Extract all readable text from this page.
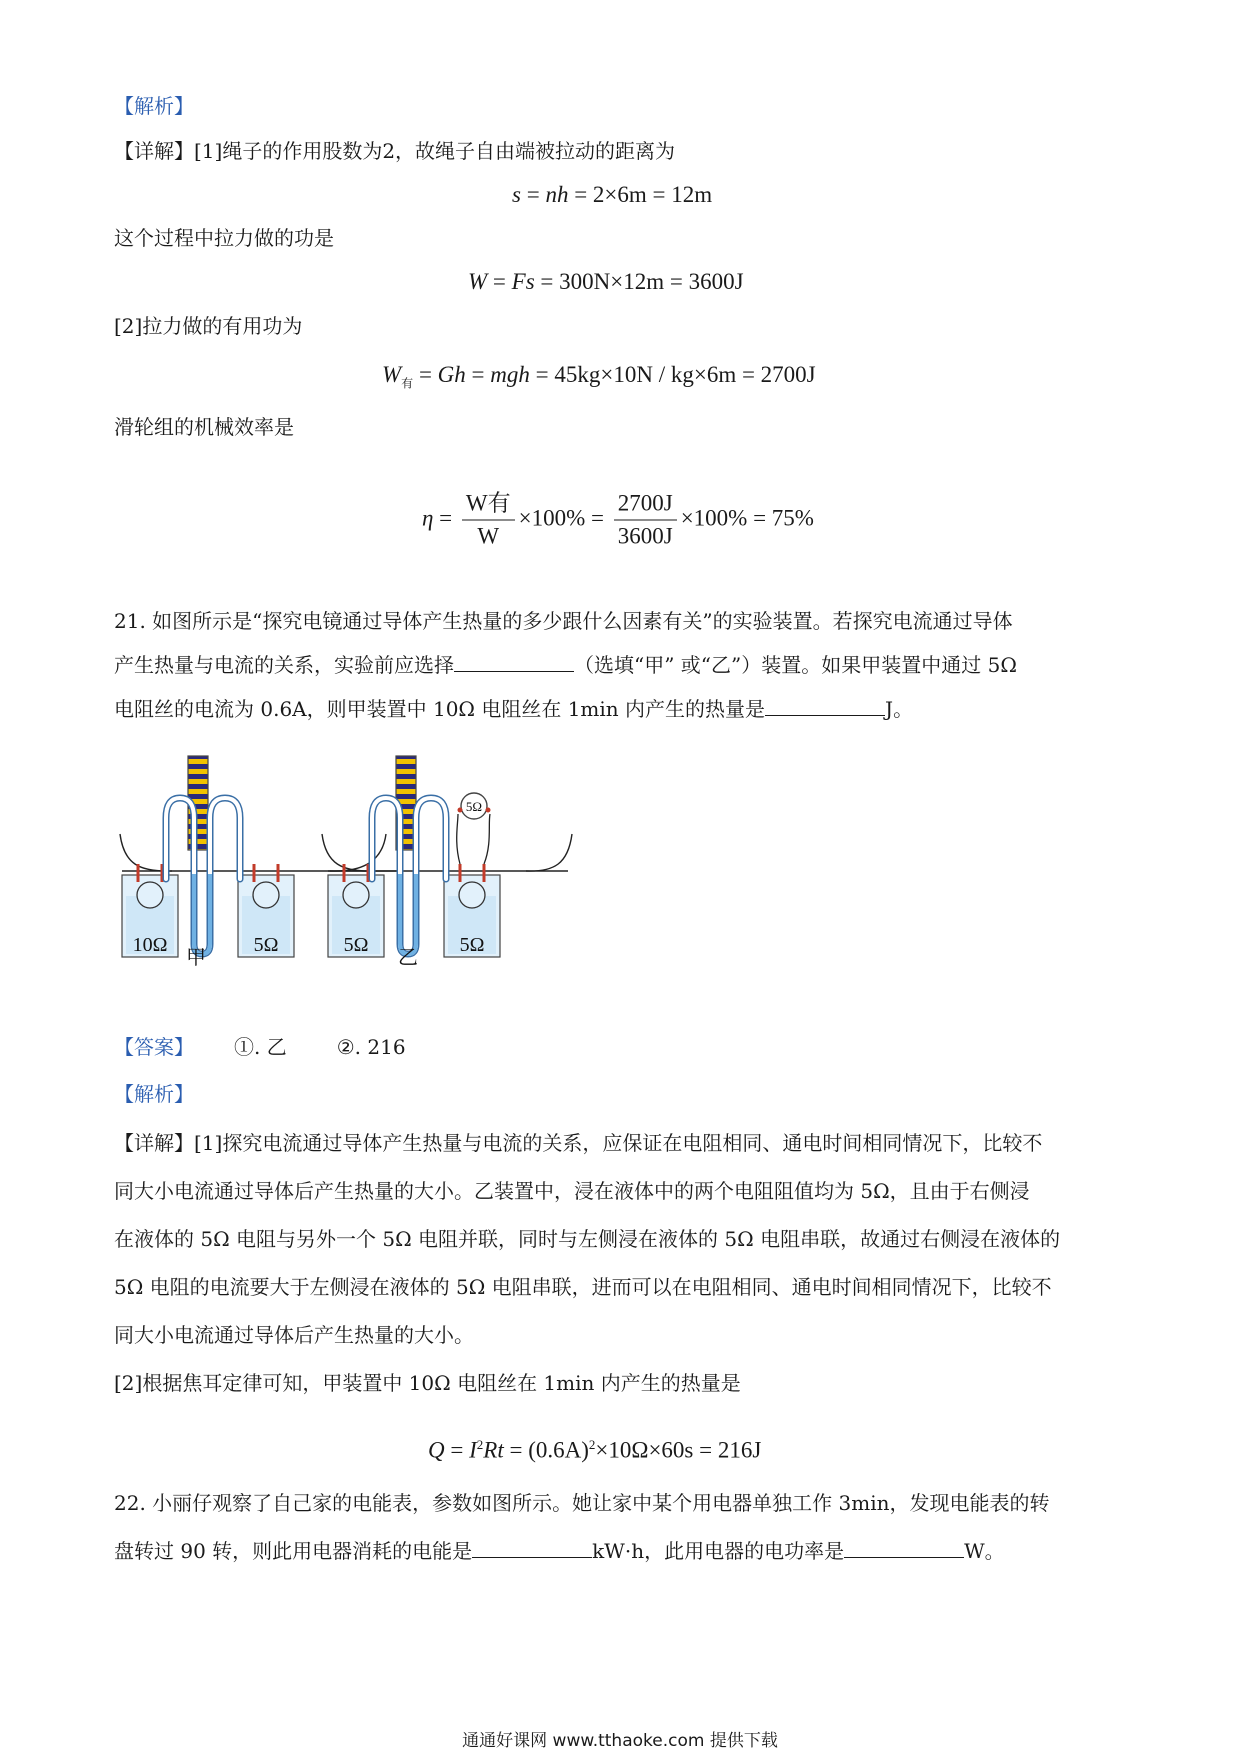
【解析】
【详解】[1]绳子的作用股数为2，故绳子自由端被拉动的距离为
s = nh = 2×6m = 12m
这个过程中拉力做的功是
W = Fs = 300N×12m = 3600J
[2]拉力做的有用功为
$W_有 = Gh$ = mgh = 45kg×10N / kg×6m = 2700J
滑轮组的机械效率是
$\eta = \frac{\text{W有}}{W} \times 100\% = \frac{2700J}{3600J} \times 100\% = 75\%$
21. 如图所示是“探究电镜通过导体产生热量的多少跟什么因素有关”的实验装置。若探究电流通过导体
产生热量与电流的关系，实验前应选择	（选填“甲” 或“乙”）装置。如果甲装置中通过 5Ω
电阻丝的电流为 0.6A，则甲装置中 10Ω 电阻丝在 1min 内产生的热量是	J。
10Ω	5Ω
甲
5Ω	5Ω
5Ω
乙
【答案】 ①. 乙	②. 216
【解析】
【详解】[1]探究电流通过导体产生热量与电流的关系，应保证在电阻相同、通电时间相同情况下，比较不
同大小电流通过导体后产生热量的大小。乙装置中，浸在液体中的两个电阻阻值均为 5Ω，且由于右侧浸
在液体的 5Ω 电阻与另外一个 5Ω 电阻并联，同时与左侧浸在液体的 5Ω 电阻串联，故通过右侧浸在液体的
5Ω 电阻的电流要大于左侧浸在液体的 5Ω 电阻串联，进而可以在电阻相同、通电时间相同情况下，比较不
同大小电流通过导体后产生热量的大小。
[2]根据焦耳定律可知，甲装置中 10Ω 电阻丝在 1min 内产生的热量是
$Q = I^2Rt = (0.6A)^2\times 10\Omega\times 60s = 216J$
22. 小丽仔观察了自己家的电能表，参数如图所示。她让家中某个用电器单独工作 3min，发现电能表的转
盘转过 90 转，则此用电器消耗的电能是	kW·h，此用电器的电功率是	W。
通通好课网 www.tthaoke.com 提供下载
